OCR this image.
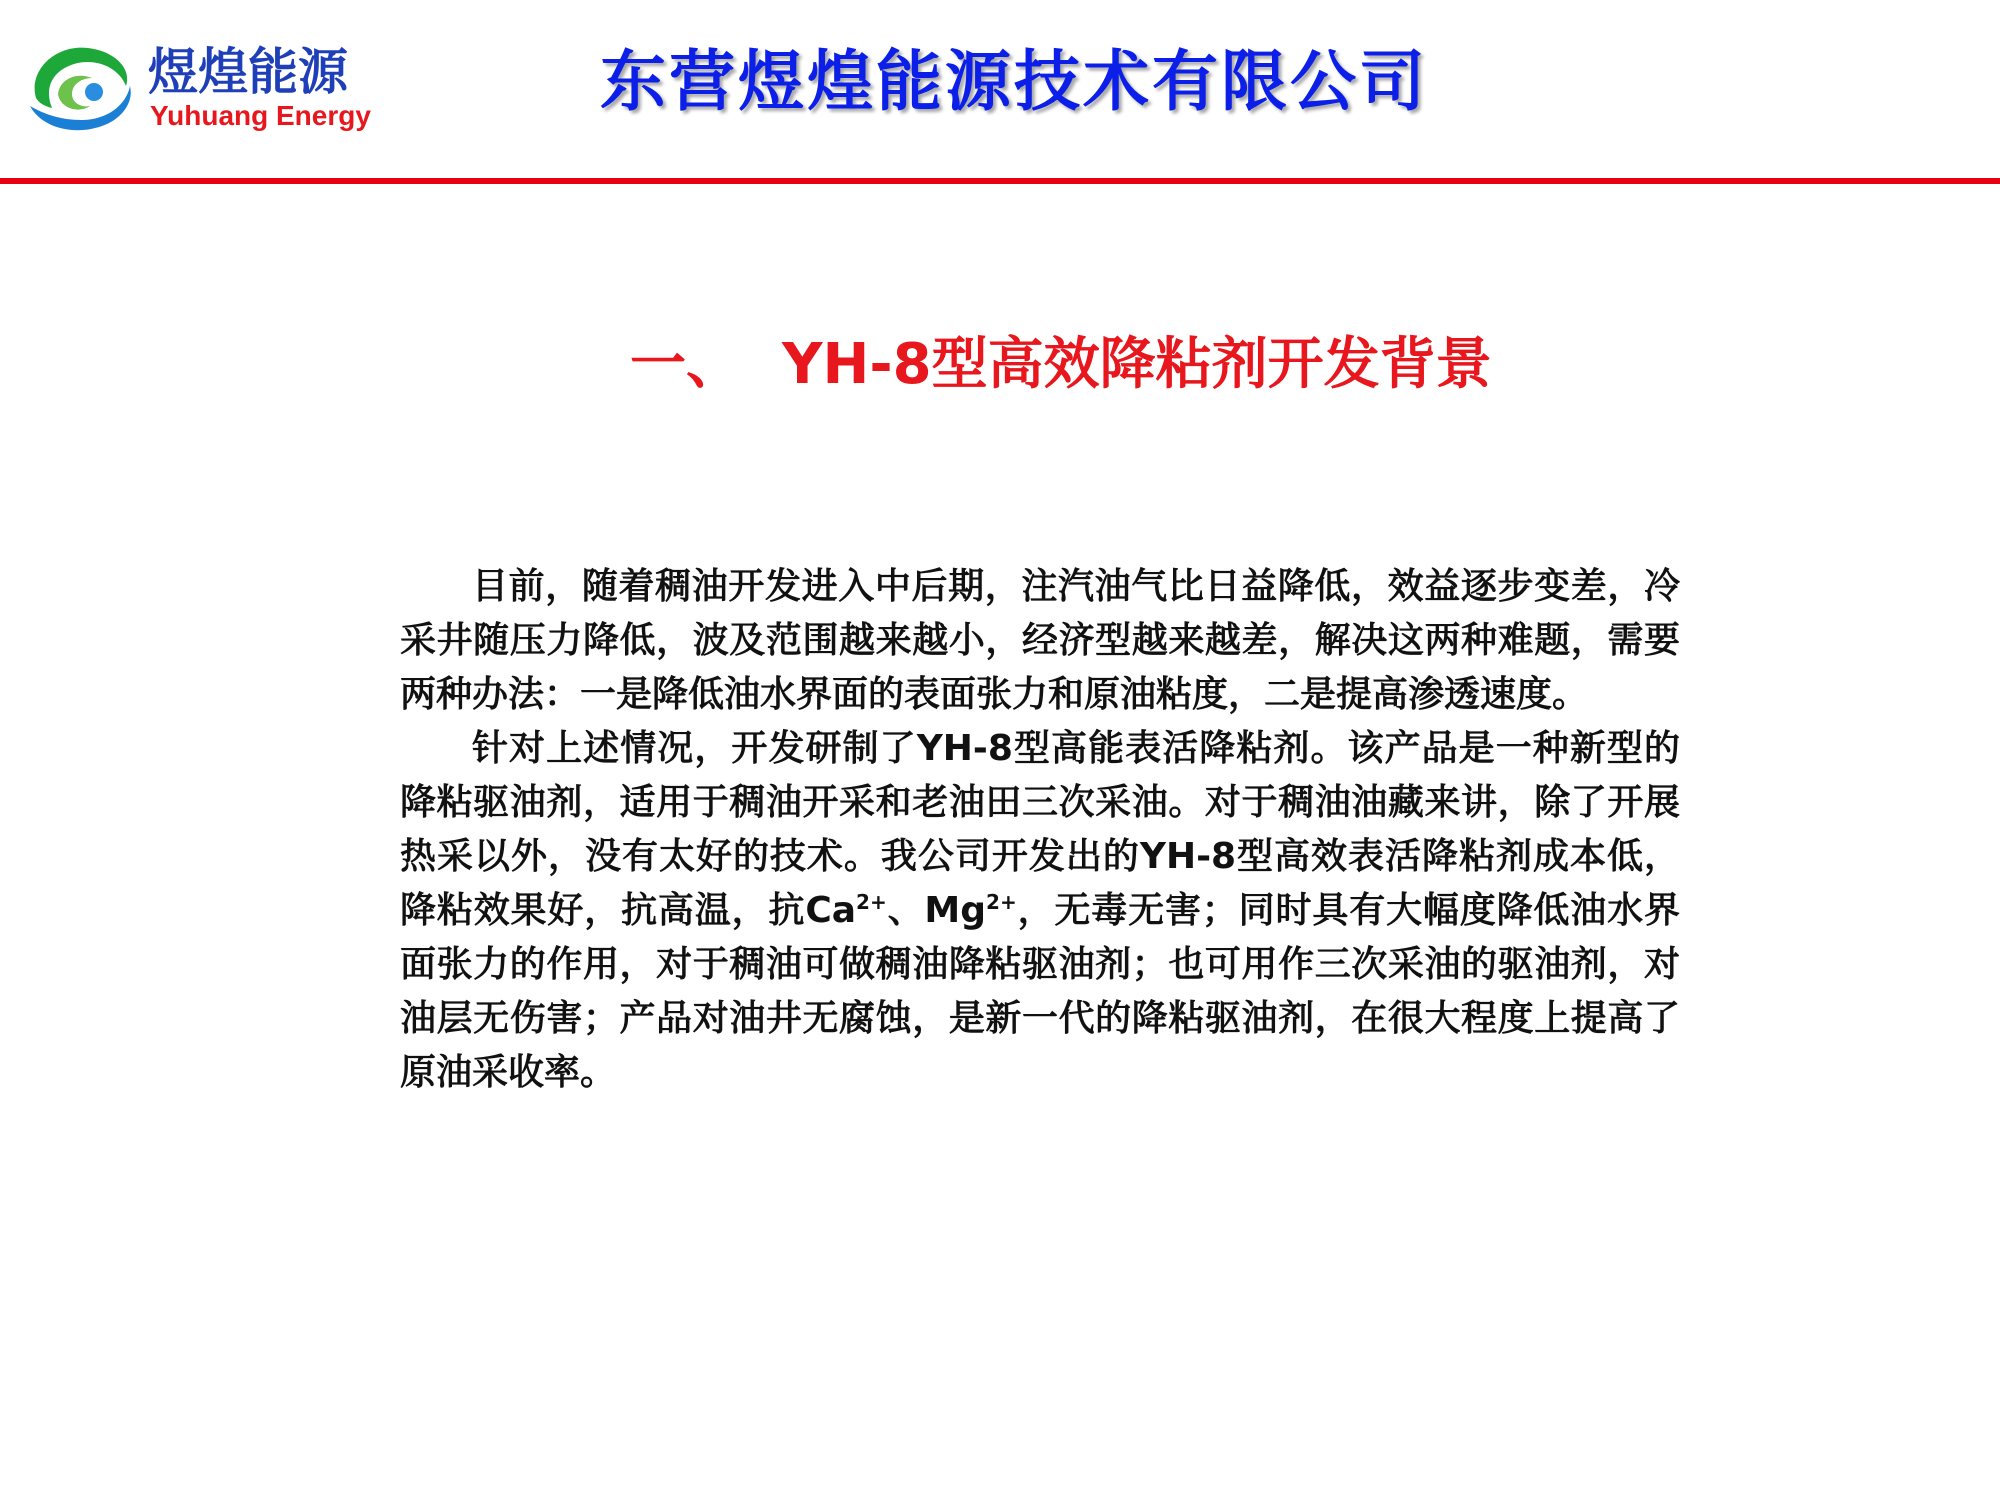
煜煌能源
Yuhuang Energy	东营煜煌能源技术有限公司
一、 YH-8型高效降粘剂开发背景

目前，随着稠油开发进入中后期，注汽油气比日益降低，效益逐步变差，冷采井随压力降低，波及范围越来越小，经济型越来越差，解决这两种难题，需要两种办法：一是降低油水界面的表面张力和原油粘度，二是提高渗透速度。

针对上述情况，开发研制了YH-8型高能表活降粘剂。该产品是一种新型的降粘驱油剂，适用于稠油开采和老油田三次采油。对于稠油油藏来讲，除了开展热采以外，没有太好的技术。我公司开发出的YH-8型高效表活降粘剂成本低，降粘效果好，抗高温，抗$Ca^{2+}$、$Mg^{2+}$，无毒无害；同时具有大幅度降低油水界面张力的作用，对于稠油可做稠油降粘驱油剂；也可用作三次采油的驱油剂，对油层无伤害；产品对油井无腐蚀，是新一代的降粘驱油剂，在很大程度上提高了原油采收率。
